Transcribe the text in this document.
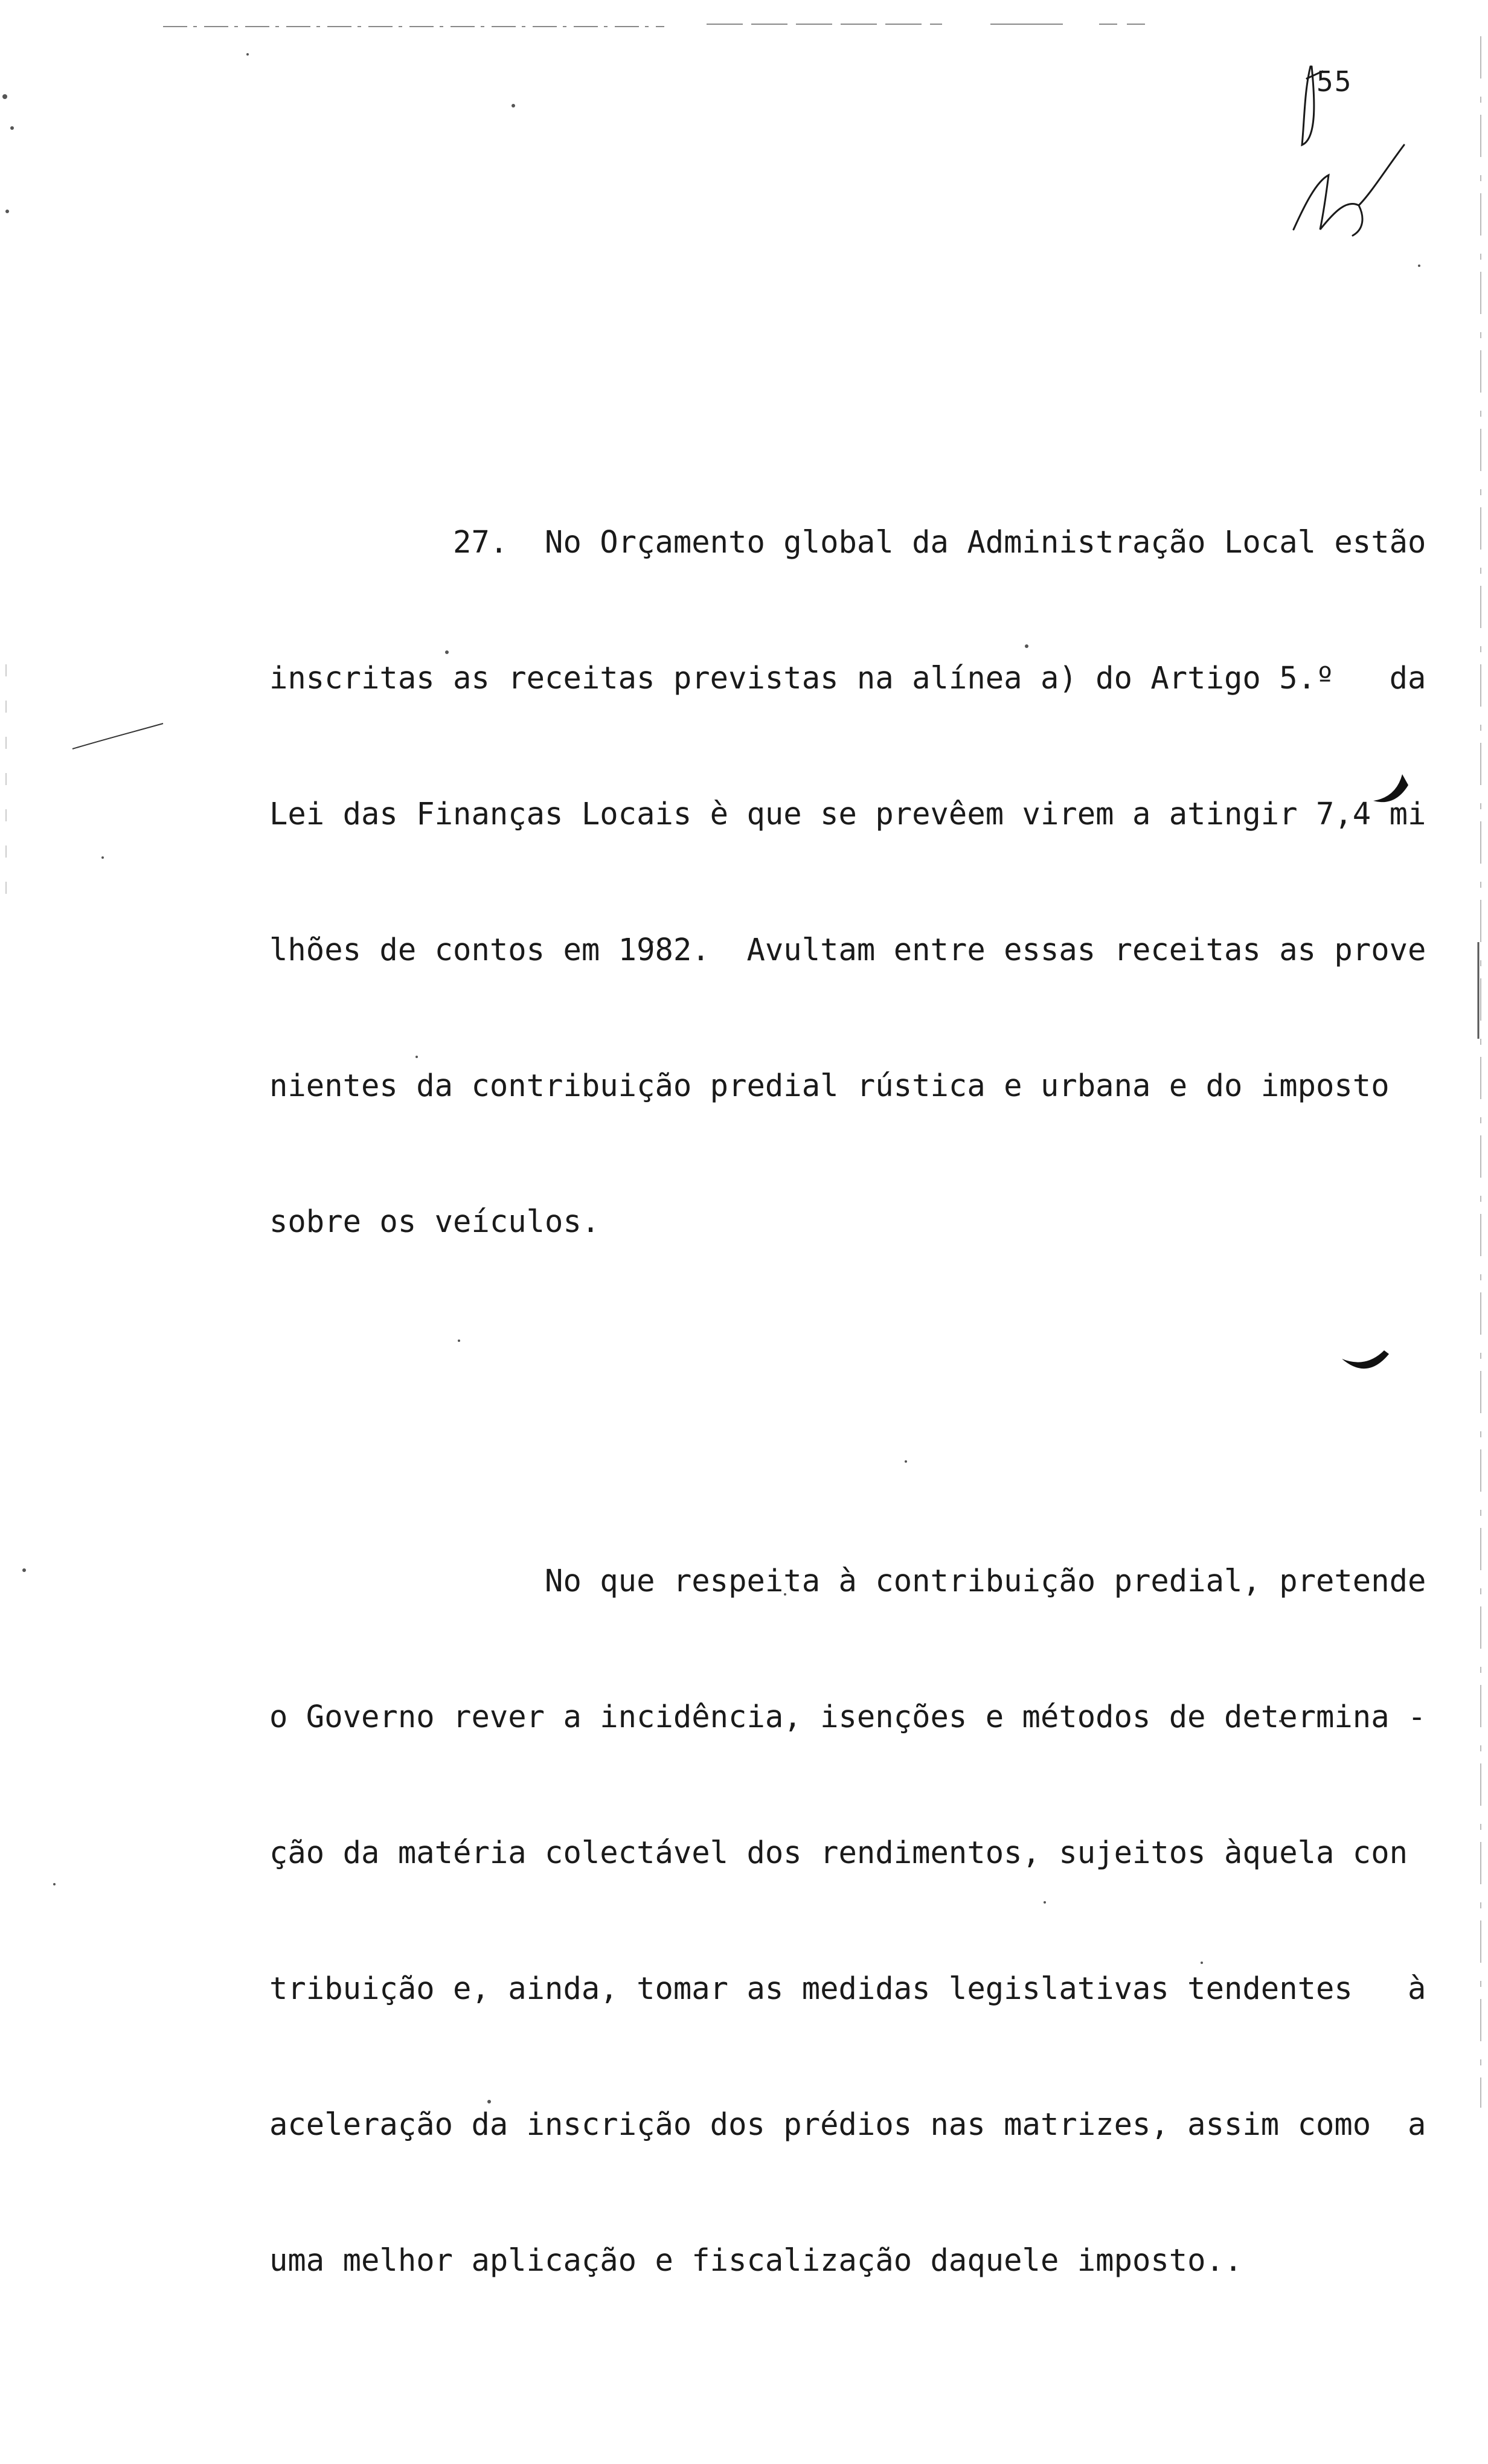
55

27.  No Orçamento global da Administração Local estão

inscritas as receitas previstas na alínea a) do Artigo 5.º   da

Lei das Finanças Locais è que se prevêem virem a atingir 7,4 mi

lhões de contos em 1982.  Avultam entre essas receitas as prove

nientes da contribuição predial rústica e urbana e do imposto

sobre os veículos.

No que respeita à contribuição predial, pretende

o Governo rever a incidência, isenções e métodos de determina -

ção da matéria colectável dos rendimentos, sujeitos àquela con

tribuição e, ainda, tomar as medidas legislativas tendentes   à

aceleração da inscrição dos prédios nas matrizes, assim como  a

uma melhor aplicação e fiscalização daquele imposto..
